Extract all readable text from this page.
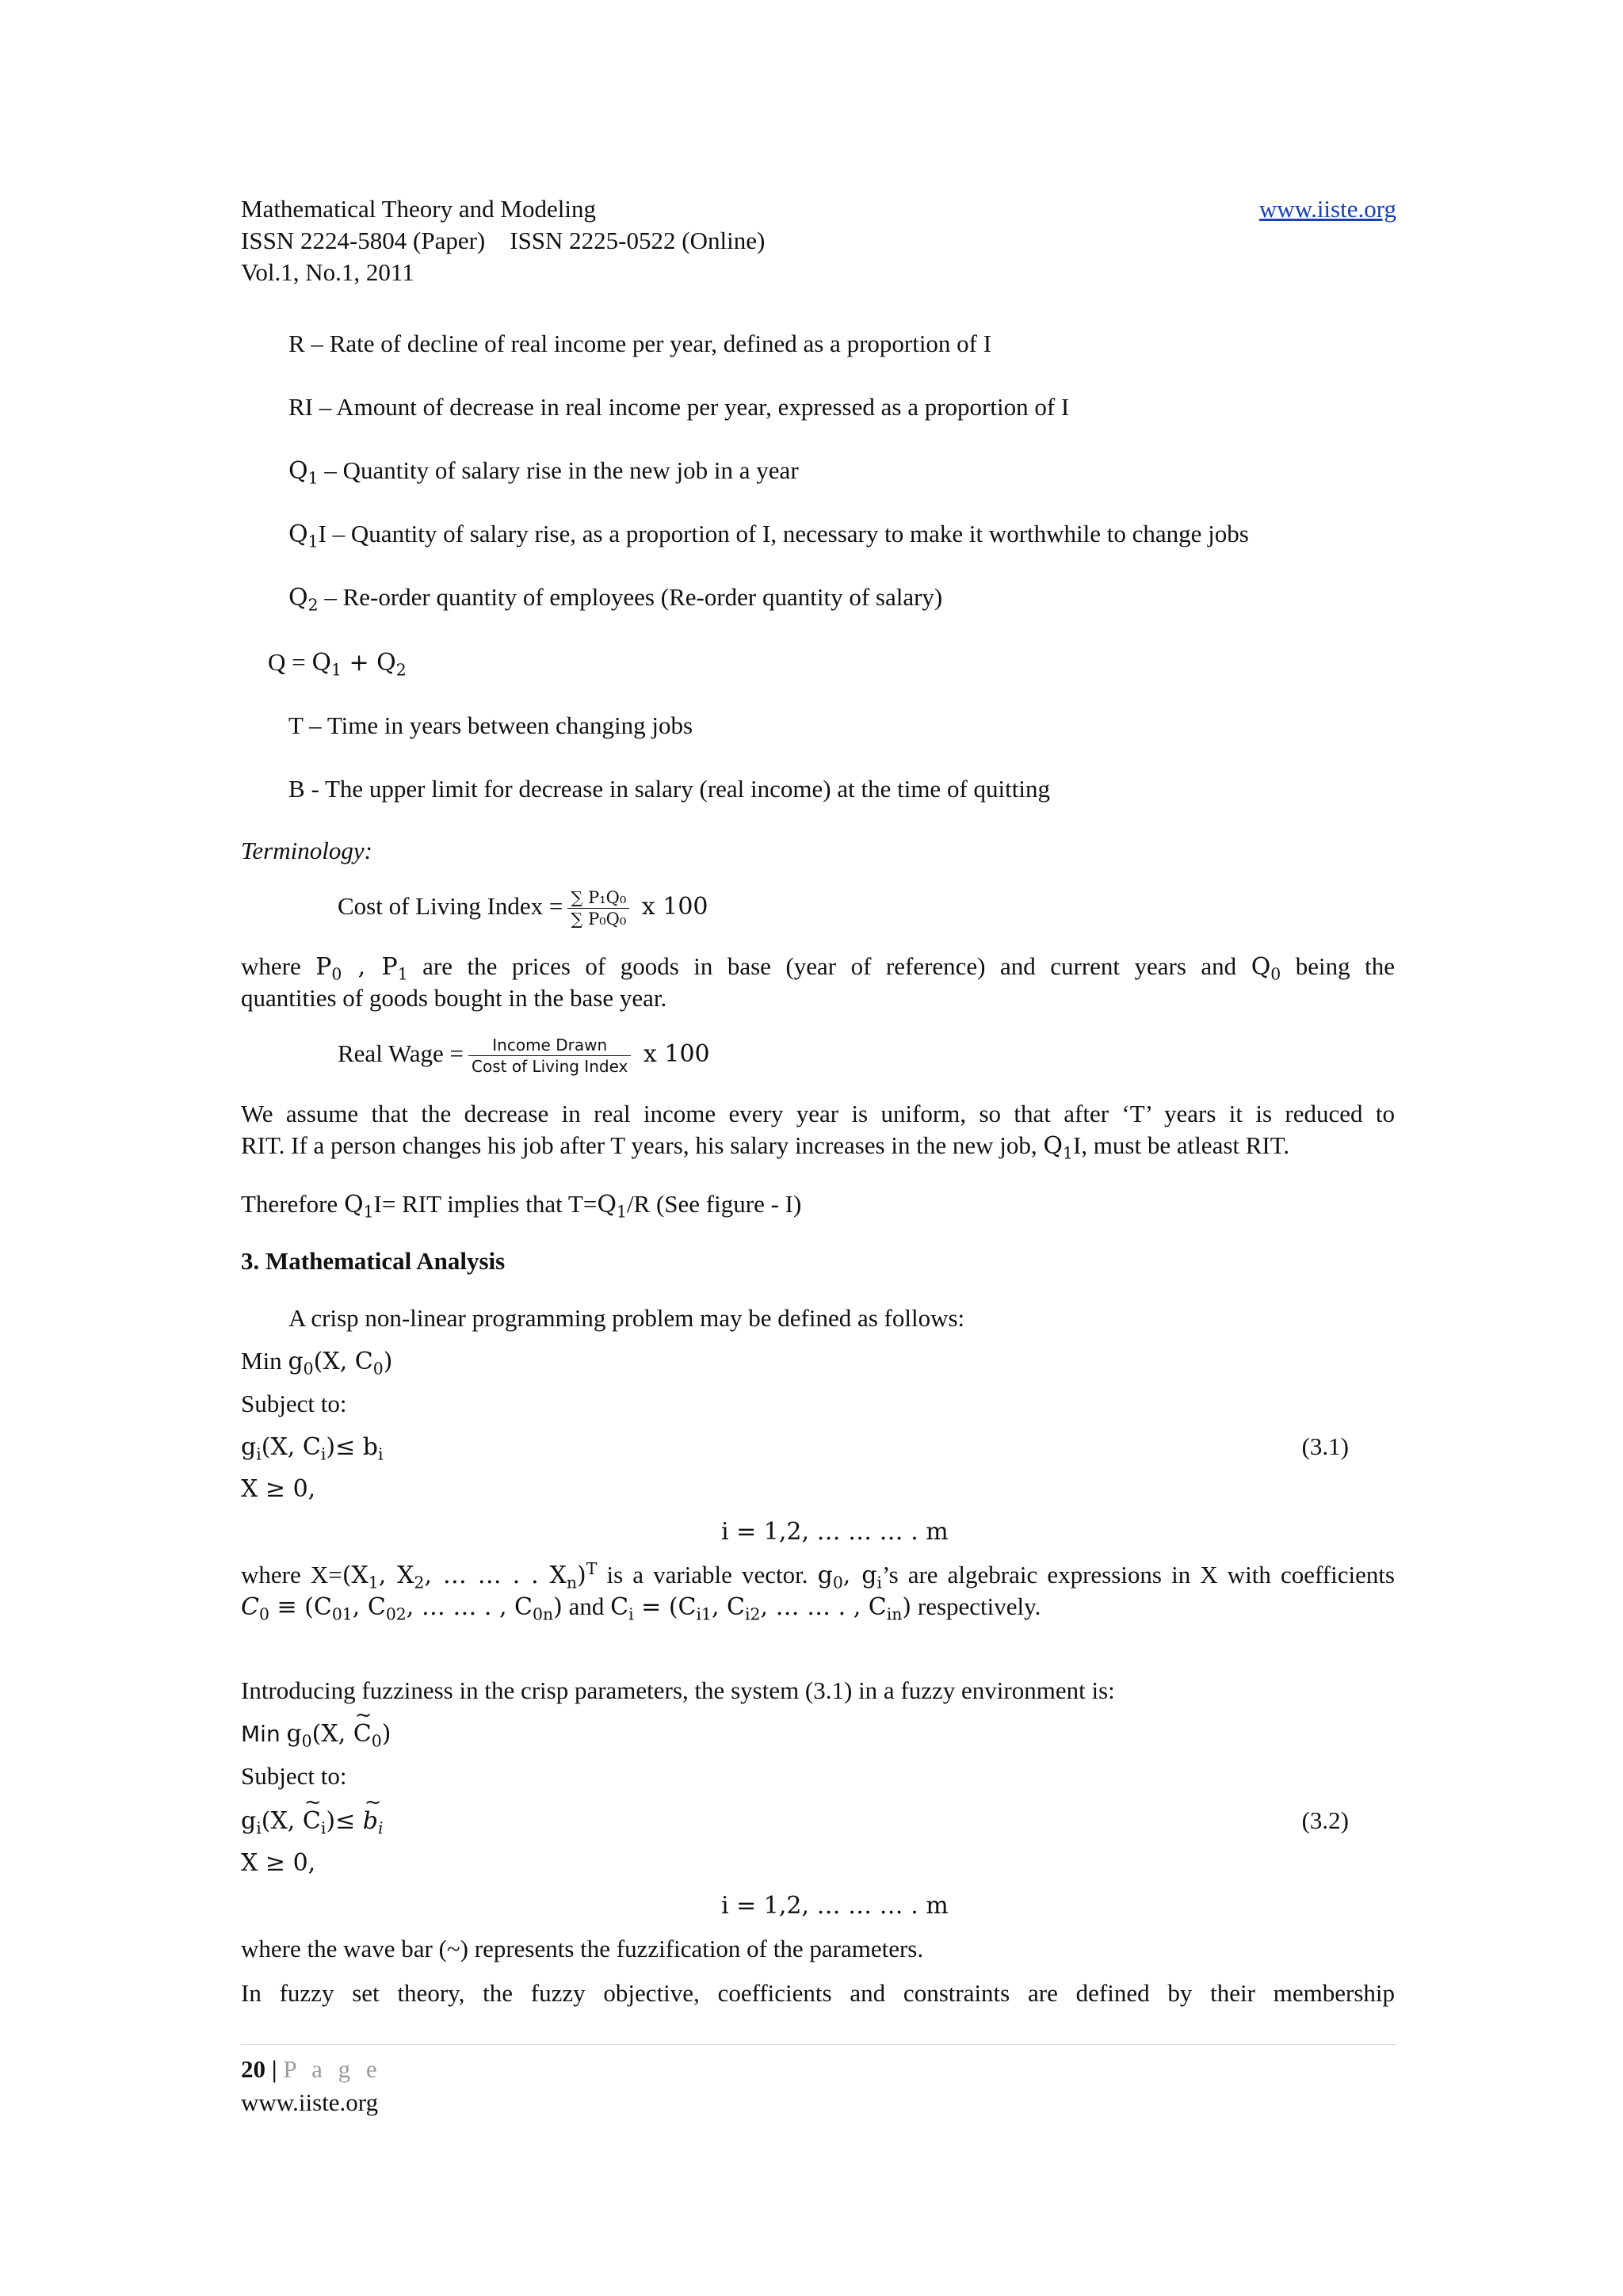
Mathematical Theory and Modeling	www.iiste.org
ISSN 2224-5804 (Paper)    ISSN 2225-0522 (Online)
Vol.1, No.1, 2011
R – Rate of decline of real income per year, defined as a proportion of I
RI – Amount of decrease in real income per year, expressed as a proportion of I
$Q_1$ – Quantity of salary rise in the new job in a year
$Q_1I$ – Quantity of salary rise, as a proportion of I, necessary to make it worthwhile to change jobs
$Q_2$ – Re-order quantity of employees (Re-order quantity of salary)
$Q = Q_1 + Q_2$
T – Time in years between changing jobs
B - The upper limit for decrease in salary (real income) at the time of quitting
Terminology:
Cost of Living Index = $\frac{\text{∑ P₁Q₀}}{\text{∑ P₀Q₀}}$ x 100
where $P_0$ , $P_1$ are the prices of goods in base (year of reference) and current years and $Q_0$ being the
quantities of goods bought in the base year.
Real Wage = $\frac{\text{Income Drawn}}{\text{Cost of Living Index}}$ x 100
We assume that the decrease in real income every year is uniform, so that after ‘T’ years it is reduced to
RIT. If a person changes his job after T years, his salary increases in the new job, $Q_1I$, must be atleast RIT.
Therefore $Q_1I=$ RIT implies that $T=Q_1/R$ (See figure - I)
3. Mathematical Analysis
A crisp non-linear programming problem may be defined as follows:
Min $g_0(X$, $C_0$)
Subject to:
$g_i(X$, $C_i)\le b_i$	(3.1)
X ≥ 0,
i = 1,2, … … … . m
where $X=(X_1$, $X_2$, … … . . $X_n)^T$ is a variable vector. $g_0$, $g_i’s$ are algebraic expressions in X with coefficients
$C_0 \equiv (C_{01}$, $C_{02}$, … … . , $C_{0n}$) and $C_i = (C_{i1}$, $C_{i2}$, … … . , $C_{in}$) respectively.
Introducing fuzziness in the crisp parameters, the system (3.1) in a fuzzy environment is:
Min $g_0(X$, ~ $C_0$)
Subject to:
$g_i(X$, ~ $C_i)\le$ ~ $b_i$	(3.2)
X ≥ 0,
i = 1,2, … … … . m
where the wave bar (~) represents the fuzzification of the parameters.
In fuzzy set theory, the fuzzy objective, coefficients and constraints are defined by their membership
20 | P a g e
www.iiste.org
